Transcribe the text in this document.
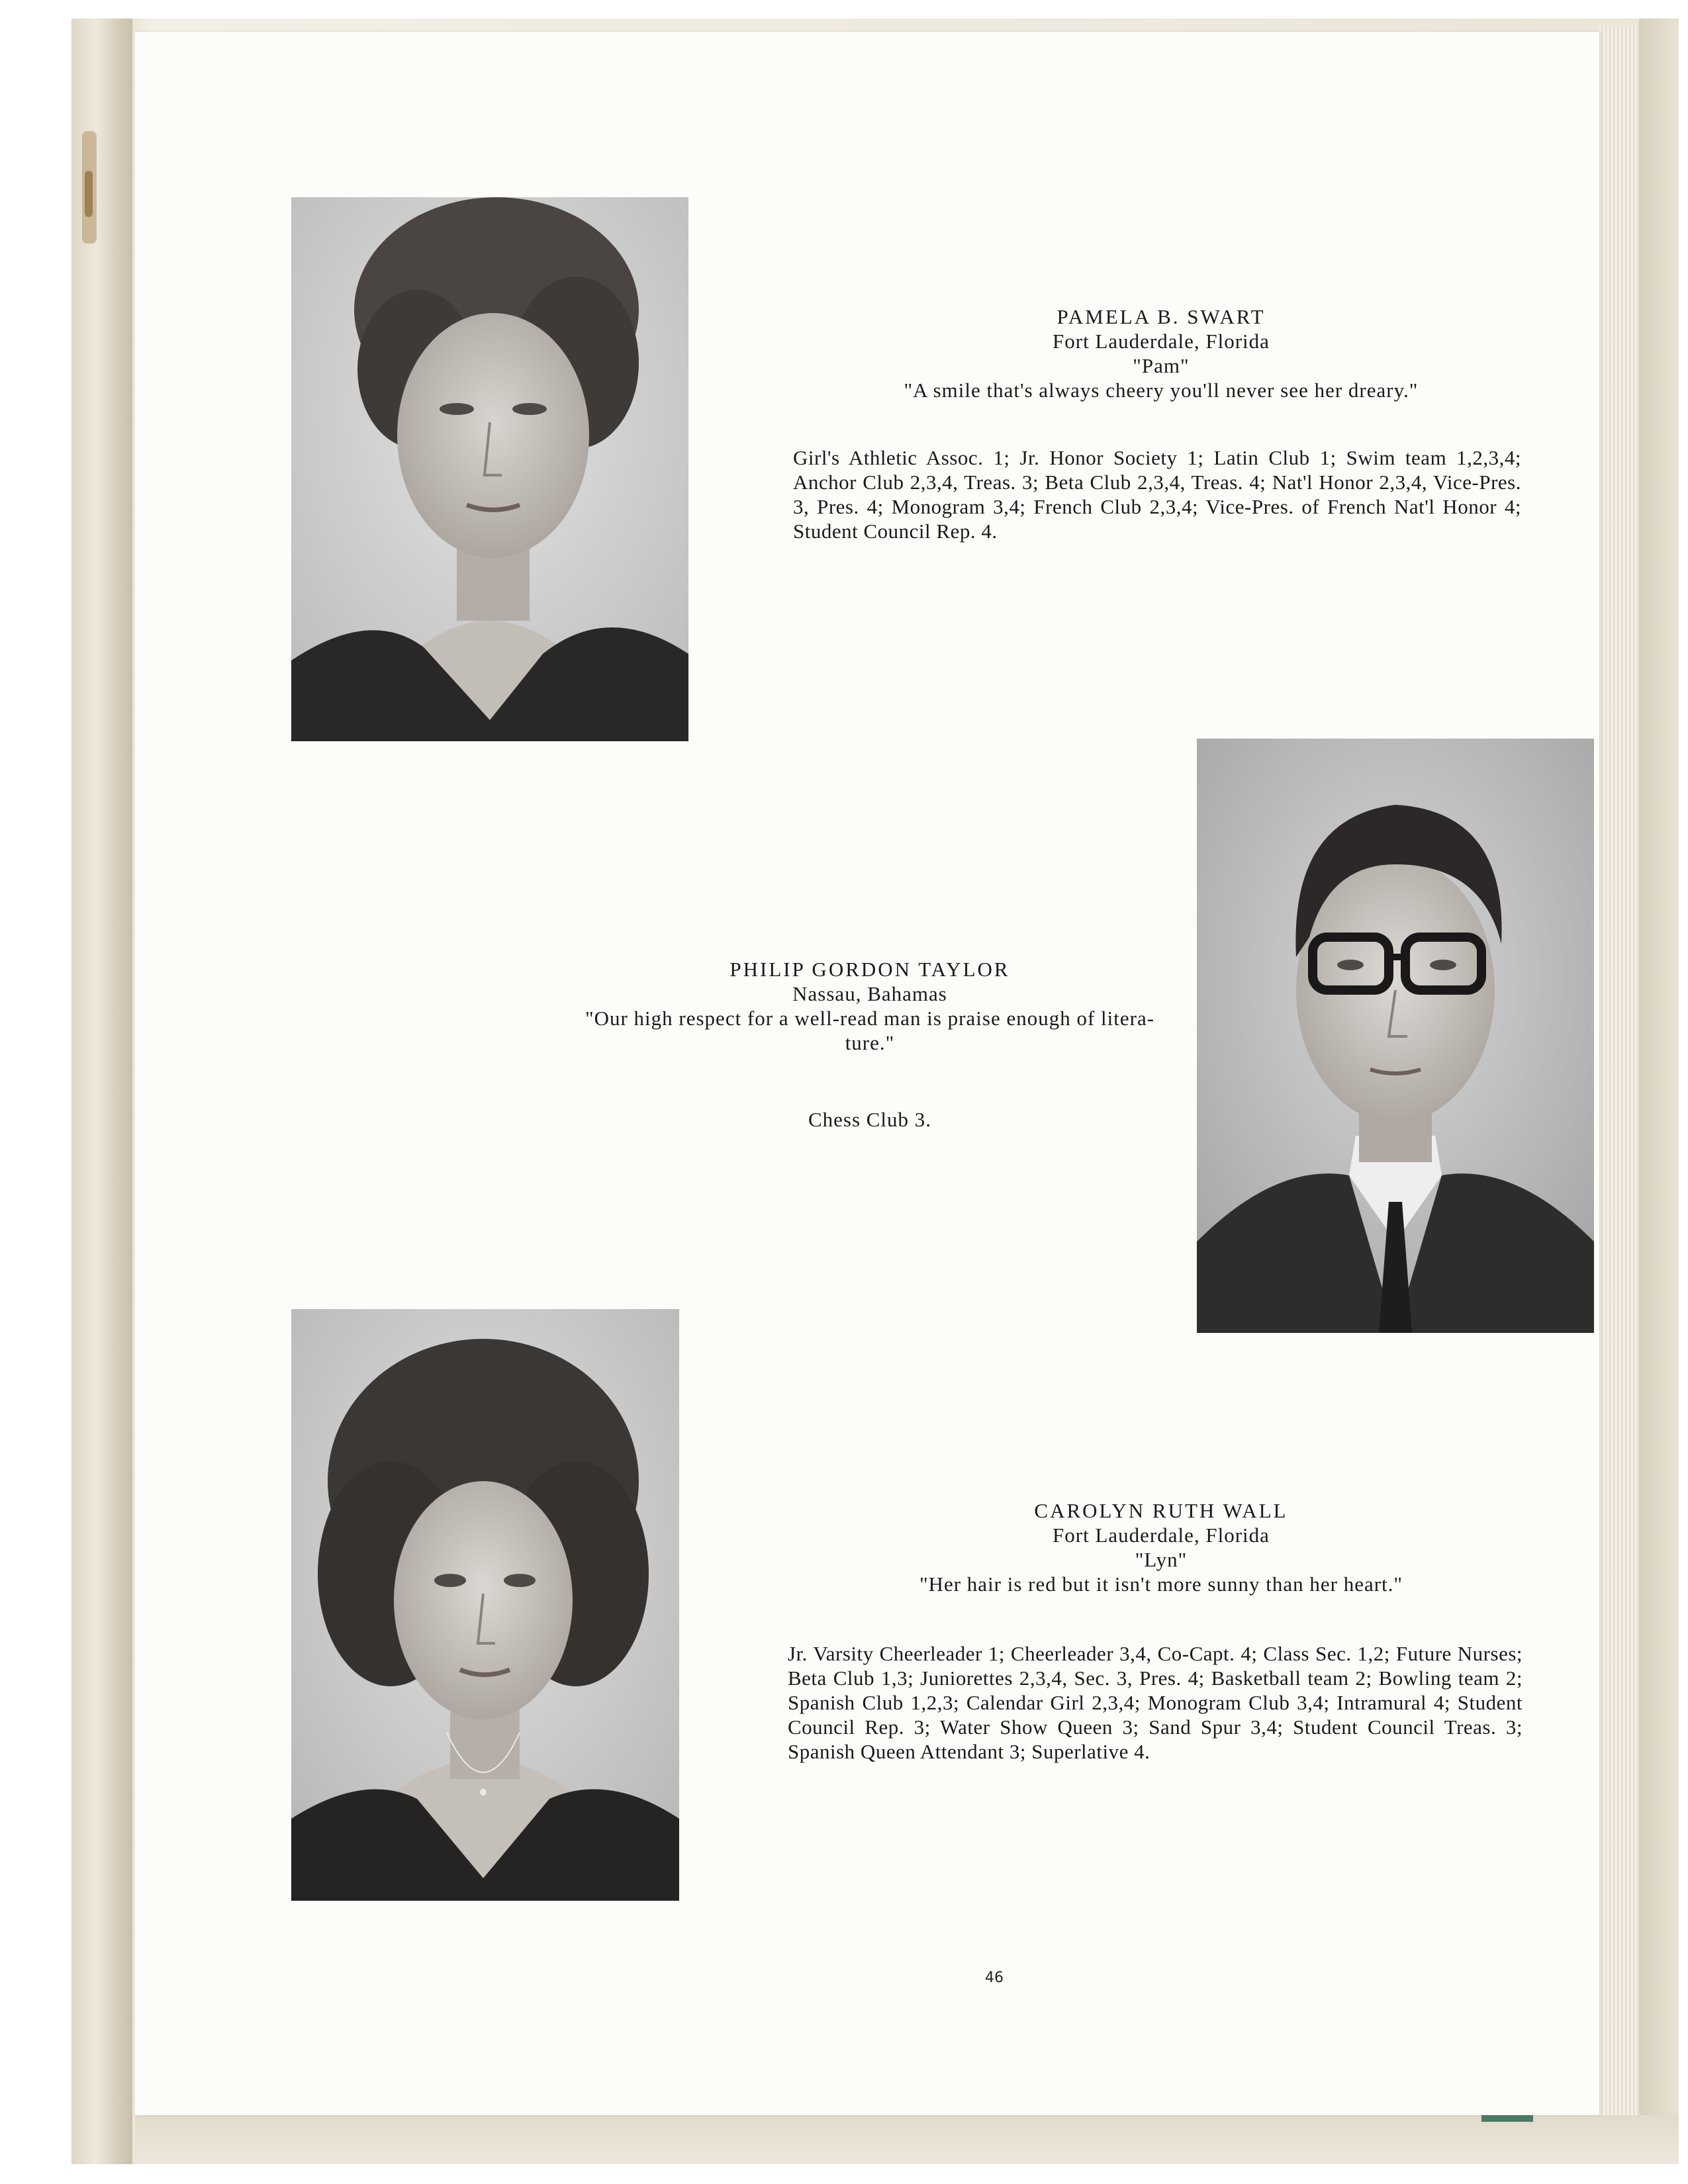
PAMELA B. SWART
Fort Lauderdale, Florida
"Pam"
"A smile that's always cheery you'll never see her dreary."
Girl's Athletic Assoc. 1; Jr. Honor Society 1; Latin Club 1; Swim team 1,2,3,4; Anchor Club 2,3,4, Treas. 3; Beta Club 2,3,4, Treas. 4; Nat'l Honor 2,3,4, Vice-Pres. 3, Pres. 4; Monogram 3,4; French Club 2,3,4; Vice-Pres. of French Nat'l Honor 4; Student Council Rep. 4.
PHILIP GORDON TAYLOR
Nassau, Bahamas
"Our high respect for a well-read man is praise enough of litera-
ture."
Chess Club 3.
CAROLYN RUTH WALL
Fort Lauderdale, Florida
"Lyn"
"Her hair is red but it isn't more sunny than her heart."
Jr. Varsity Cheerleader 1; Cheerleader 3,4, Co-Capt. 4; Class Sec. 1,2; Future Nurses; Beta Club 1,3; Juniorettes 2,3,4, Sec. 3, Pres. 4; Basketball team 2; Bowling team 2; Spanish Club 1,2,3; Calendar Girl 2,3,4; Monogram Club 3,4; Intramural 4; Student Council Rep. 3; Water Show Queen 3; Sand Spur 3,4; Student Council Treas. 3; Spanish Queen Attendant 3; Superlative 4.
46
